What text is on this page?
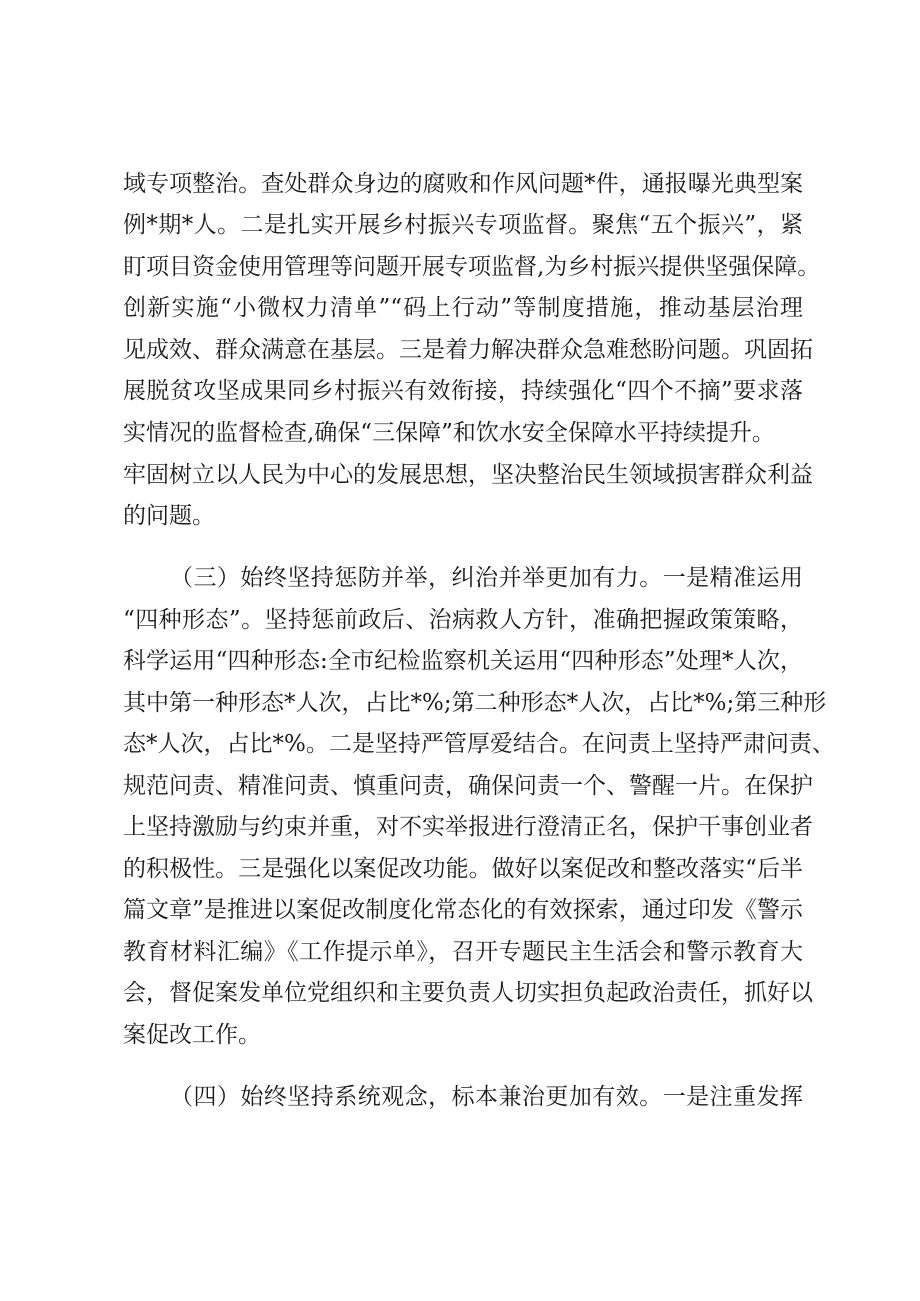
域专项整治。查处群众身边的腐败和作风问题*件，通报曝光典型案
例*期*人。二是扎实开展乡村振兴专项监督。聚焦“五个振兴”，紧
盯项目资金使用管理等问题开展专项监督,为乡村振兴提供坚强保障。
创新实施“小微权力清单”“码上行动”等制度措施，推动基层治理
见成效、群众满意在基层。三是着力解决群众急难愁盼问题。巩固拓
展脱贫攻坚成果同乡村振兴有效衔接，持续强化“四个不摘”要求落
实情况的监督检查,确保“三保障”和饮水安全保障水平持续提升。
牢固树立以人民为中心的发展思想，坚决整治民生领域损害群众利益
的问题。
（三）始终坚持惩防并举，纠治并举更加有力。一是精准运用
“四种形态”。坚持惩前政后、治病救人方针，准确把握政策策略，
科学运用“四种形态:全市纪检监察机关运用“四种形态”处理*人次，
其中第一种形态*人次，占比*%;第二种形态*人次，占比*%;第三种形
态*人次，占比*%。二是坚持严管厚爱结合。在问责上坚持严肃问责、
规范问责、精准问责、慎重问责，确保问责一个、警醒一片。在保护
上坚持激励与约束并重，对不实举报进行澄清正名，保护干事创业者
的积极性。三是强化以案促改功能。做好以案促改和整改落实“后半
篇文章”是推进以案促改制度化常态化的有效探索，通过印发《警示
教育材料汇编》《工作提示单》，召开专题民主生活会和警示教育大
会，督促案发单位党组织和主要负责人切实担负起政治责任，抓好以
案促改工作。
（四）始终坚持系统观念，标本兼治更加有效。一是注重发挥
